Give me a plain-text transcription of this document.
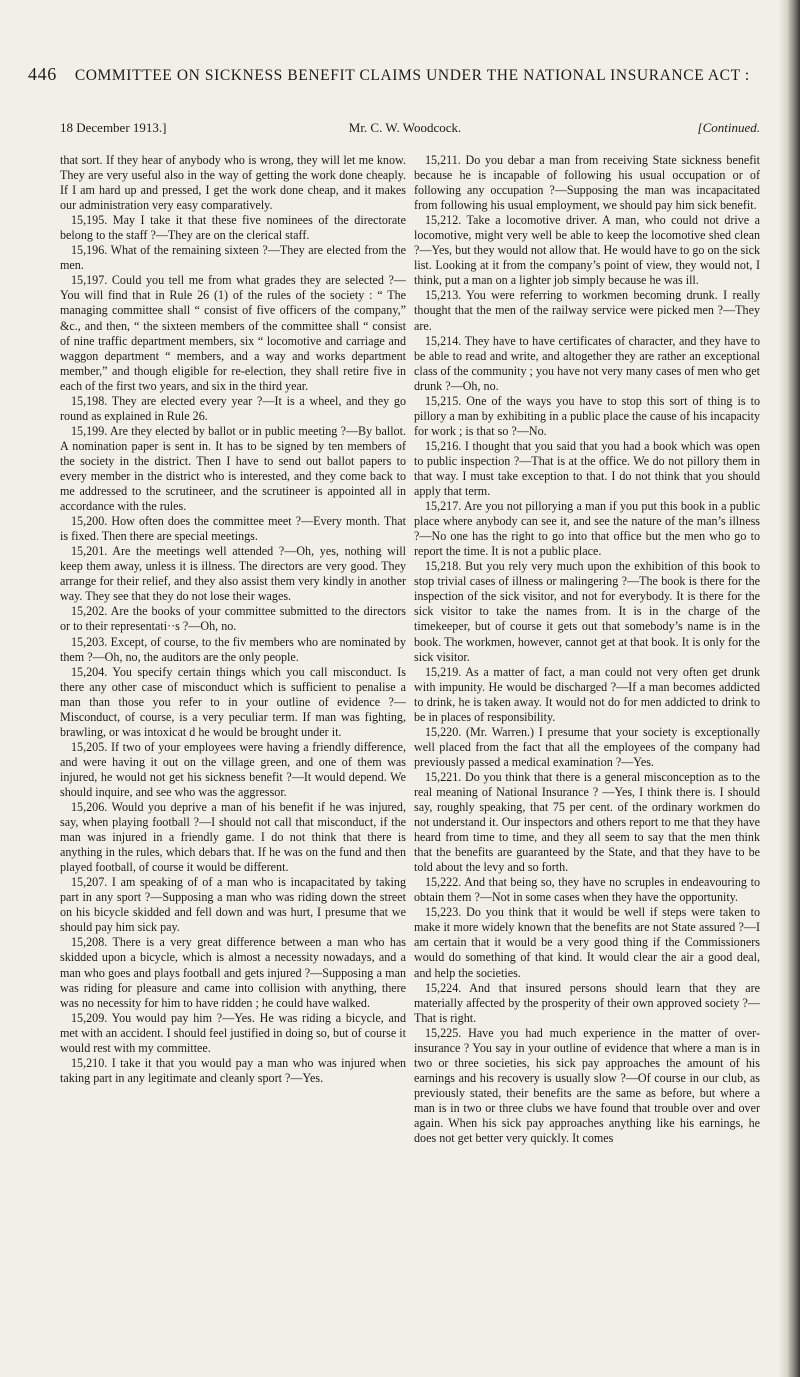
446 COMMITTEE ON SICKNESS BENEFIT CLAIMS UNDER THE NATIONAL INSURANCE ACT :
18 December 1913.]	Mr. C. W. Woodcock.	[Continued.

that sort. If they hear of anybody who is wrong, they will let me know. They are very useful also in the way of getting the work done cheaply. If I am hard up and pressed, I get the work done cheap, and it makes our administration very easy comparatively.

15,195. May I take it that these five nominees of the directorate belong to the staff ?—They are on the clerical staff.

15,196. What of the remaining sixteen ?—They are elected from the men.

15,197. Could you tell me from what grades they are selected ?—You will find that in Rule 26 (1) of the rules of the society : “ The managing committee shall “ consist of five officers of the company,” &c., and then, “ the sixteen members of the committee shall “ consist of nine traffic department members, six “ locomotive and carriage and waggon department “ members, and a way and works department member,” and though eligible for re-election, they shall retire five in each of the first two years, and six in the third year.

15,198. They are elected every year ?—It is a wheel, and they go round as explained in Rule 26.

15,199. Are they elected by ballot or in public meeting ?—By ballot. A nomination paper is sent in. It has to be signed by ten members of the society in the district. Then I have to send out ballot papers to every member in the district who is interested, and they come back to me addressed to the scrutineer, and the scrutineer is appointed all in accordance with the rules.

15,200. How often does the committee meet ?—Every month. That is fixed. Then there are special meetings.

15,201. Are the meetings well attended ?—Oh, yes, nothing will keep them away, unless it is illness. The directors are very good. They arrange for their relief, and they also assist them very kindly in another way. They see that they do not lose their wages.

15,202. Are the books of your committee submitted to the directors or to their representati··s ?—Oh, no.

15,203. Except, of course, to the fiv members who are nominated by them ?—Oh, no, the auditors are the only people.

15,204. You specify certain things which you call misconduct. Is there any other case of misconduct which is sufficient to penalise a man than those you refer to in your outline of evidence ?—Misconduct, of course, is a very peculiar term. If man was fighting, brawling, or was intoxicat d he would be brought under it.

15,205. If two of your employees were having a friendly difference, and were having it out on the village green, and one of them was injured, he would not get his sickness benefit ?—It would depend. We should inquire, and see who was the aggressor.

15,206. Would you deprive a man of his benefit if he was injured, say, when playing football ?—I should not call that misconduct, if the man was injured in a friendly game. I do not think that there is anything in the rules, which debars that. If he was on the fund and then played football, of course it would be different.

15,207. I am speaking of of a man who is incapacitated by taking part in any sport ?—Supposing a man who was riding down the street on his bicycle skidded and fell down and was hurt, I presume that we should pay him sick pay.

15,208. There is a very great difference between a man who has skidded upon a bicycle, which is almost a necessity nowadays, and a man who goes and plays football and gets injured ?—Supposing a man was riding for pleasure and came into collision with anything, there was no necessity for him to have ridden ; he could have walked.

15,209. You would pay him ?—Yes. He was riding a bicycle, and met with an accident. I should feel justified in doing so, but of course it would rest with my committee.

15,210. I take it that you would pay a man who was injured when taking part in any legitimate and cleanly sport ?—Yes.

15,211. Do you debar a man from receiving State sickness benefit because he is incapable of following his usual occupation or of following any occupation ?—Supposing the man was incapacitated from following his usual employment, we should pay him sick benefit.

15,212. Take a locomotive driver. A man, who could not drive a locomotive, might very well be able to keep the locomotive shed clean ?—Yes, but they would not allow that. He would have to go on the sick list. Looking at it from the company’s point of view, they would not, I think, put a man on a lighter job simply because he was ill.

15,213. You were referring to workmen becoming drunk. I really thought that the men of the railway service were picked men ?—They are.

15,214. They have to have certificates of character, and they have to be able to read and write, and altogether they are rather an exceptional class of the community ; you have not very many cases of men who get drunk ?—Oh, no.

15,215. One of the ways you have to stop this sort of thing is to pillory a man by exhibiting in a public place the cause of his incapacity for work ; is that so ?—No.

15,216. I thought that you said that you had a book which was open to public inspection ?—That is at the office. We do not pillory them in that way. I must take exception to that. I do not think that you should apply that term.

15,217. Are you not pillorying a man if you put this book in a public place where anybody can see it, and see the nature of the man’s illness ?—No one has the right to go into that office but the men who go to report the time. It is not a public place.

15,218. But you rely very much upon the exhibition of this book to stop trivial cases of illness or malingering ?—The book is there for the inspection of the sick visitor, and not for everybody. It is there for the sick visitor to take the names from. It is in the charge of the timekeeper, but of course it gets out that somebody’s name is in the book. The workmen, however, cannot get at that book. It is only for the sick visitor.

15,219. As a matter of fact, a man could not very often get drunk with impunity. He would be discharged ?—If a man becomes addicted to drink, he is taken away. It would not do for men addicted to drink to be in places of responsibility.

15,220. (Mr. Warren.) I presume that your society is exceptionally well placed from the fact that all the employees of the company had previously passed a medical examination ?—Yes.

15,221. Do you think that there is a general misconception as to the real meaning of National Insurance ? —Yes, I think there is. I should say, roughly speaking, that 75 per cent. of the ordinary workmen do not understand it. Our inspectors and others report to me that they have heard from time to time, and they all seem to say that the men think that the benefits are guaranteed by the State, and that they have to be told about the levy and so forth.

15,222. And that being so, they have no scruples in endeavouring to obtain them ?—Not in some cases when they have the opportunity.

15,223. Do you think that it would be well if steps were taken to make it more widely known that the benefits are not State assured ?—I am certain that it would be a very good thing if the Commissioners would do something of that kind. It would clear the air a good deal, and help the societies.

15,224. And that insured persons should learn that they are materially affected by the prosperity of their own approved society ?—That is right.

15,225. Have you had much experience in the matter of over-insurance ? You say in your outline of evidence that where a man is in two or three societies, his sick pay approaches the amount of his earnings and his recovery is usually slow ?—Of course in our club, as previously stated, their benefits are the same as before, but where a man is in two or three clubs we have found that trouble over and over again. When his sick pay approaches anything like his earnings, he does not get better very quickly. It comes
